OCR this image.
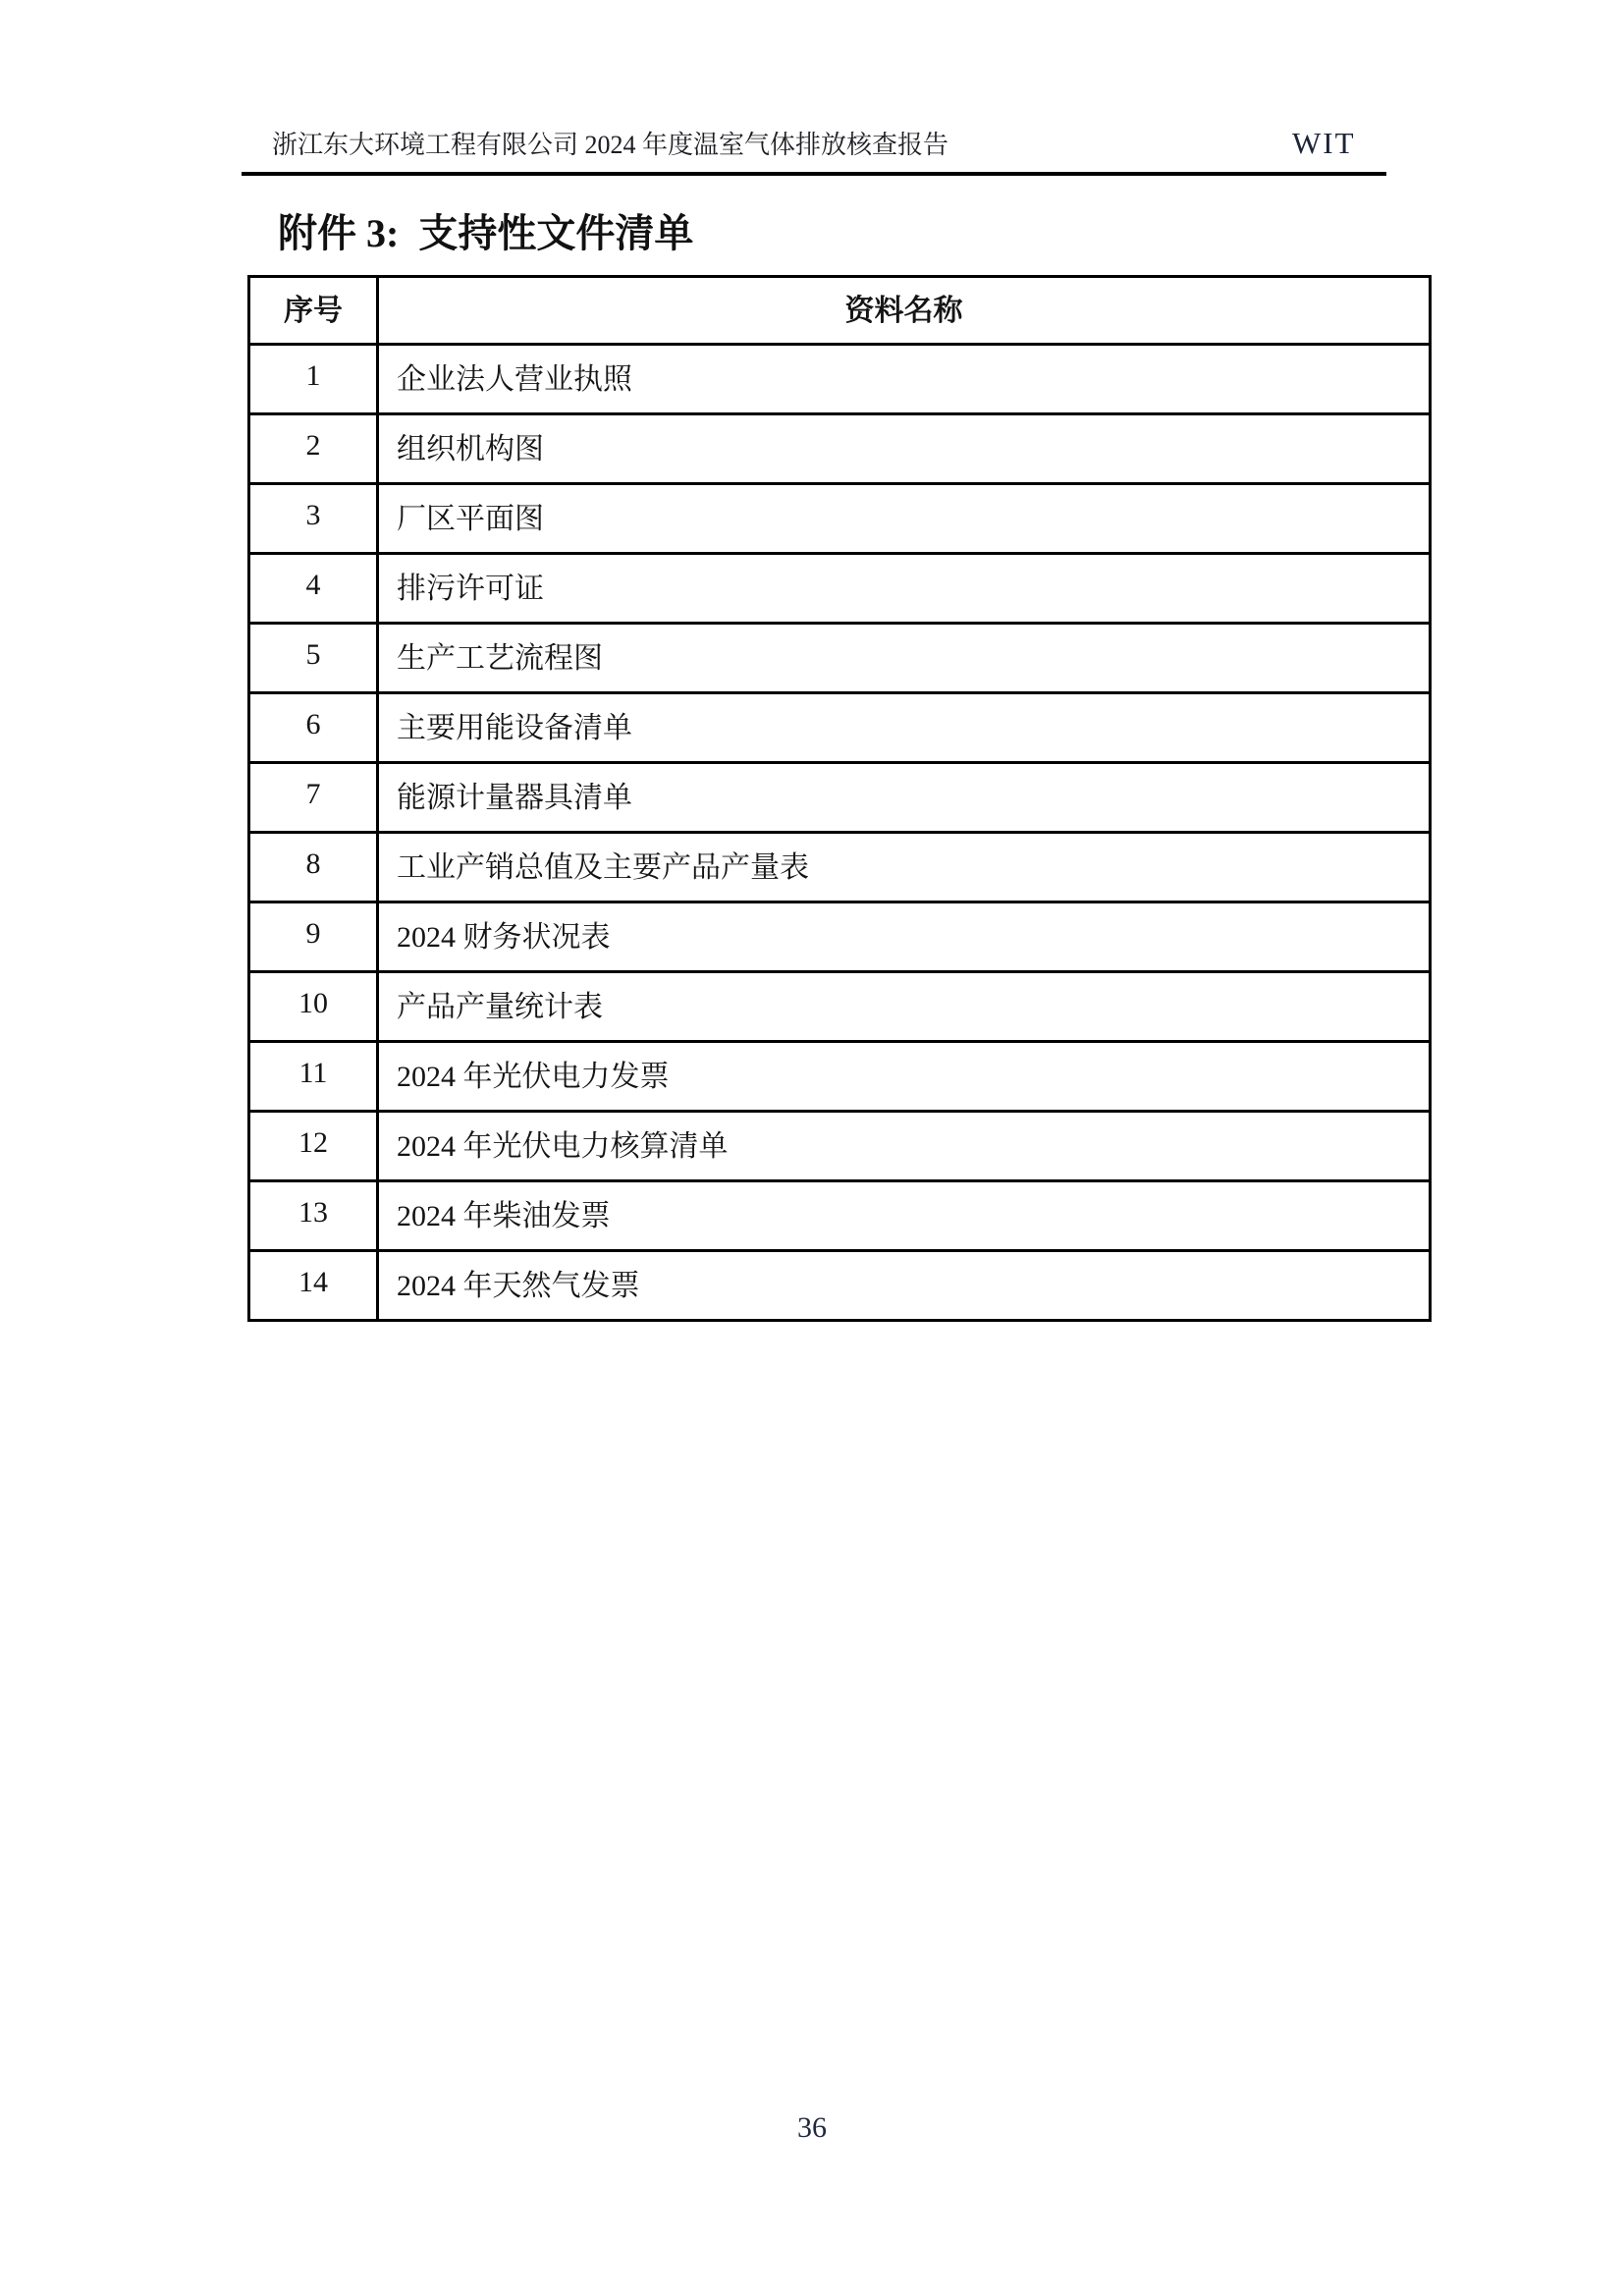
浙江东大环境工程有限公司 2024 年度温室气体排放核查报告	WIT
附件 3:  支持性文件清单
序号	资料名称
1	企业法人营业执照
2	组织机构图
3	厂区平面图
4	排污许可证
5	生产工艺流程图
6	主要用能设备清单
7	能源计量器具清单
8	工业产销总值及主要产品产量表
9	2024 财务状况表
10	产品产量统计表
11	2024 年光伏电力发票
12	2024 年光伏电力核算清单
13	2024 年柴油发票
14	2024 年天然气发票
36
